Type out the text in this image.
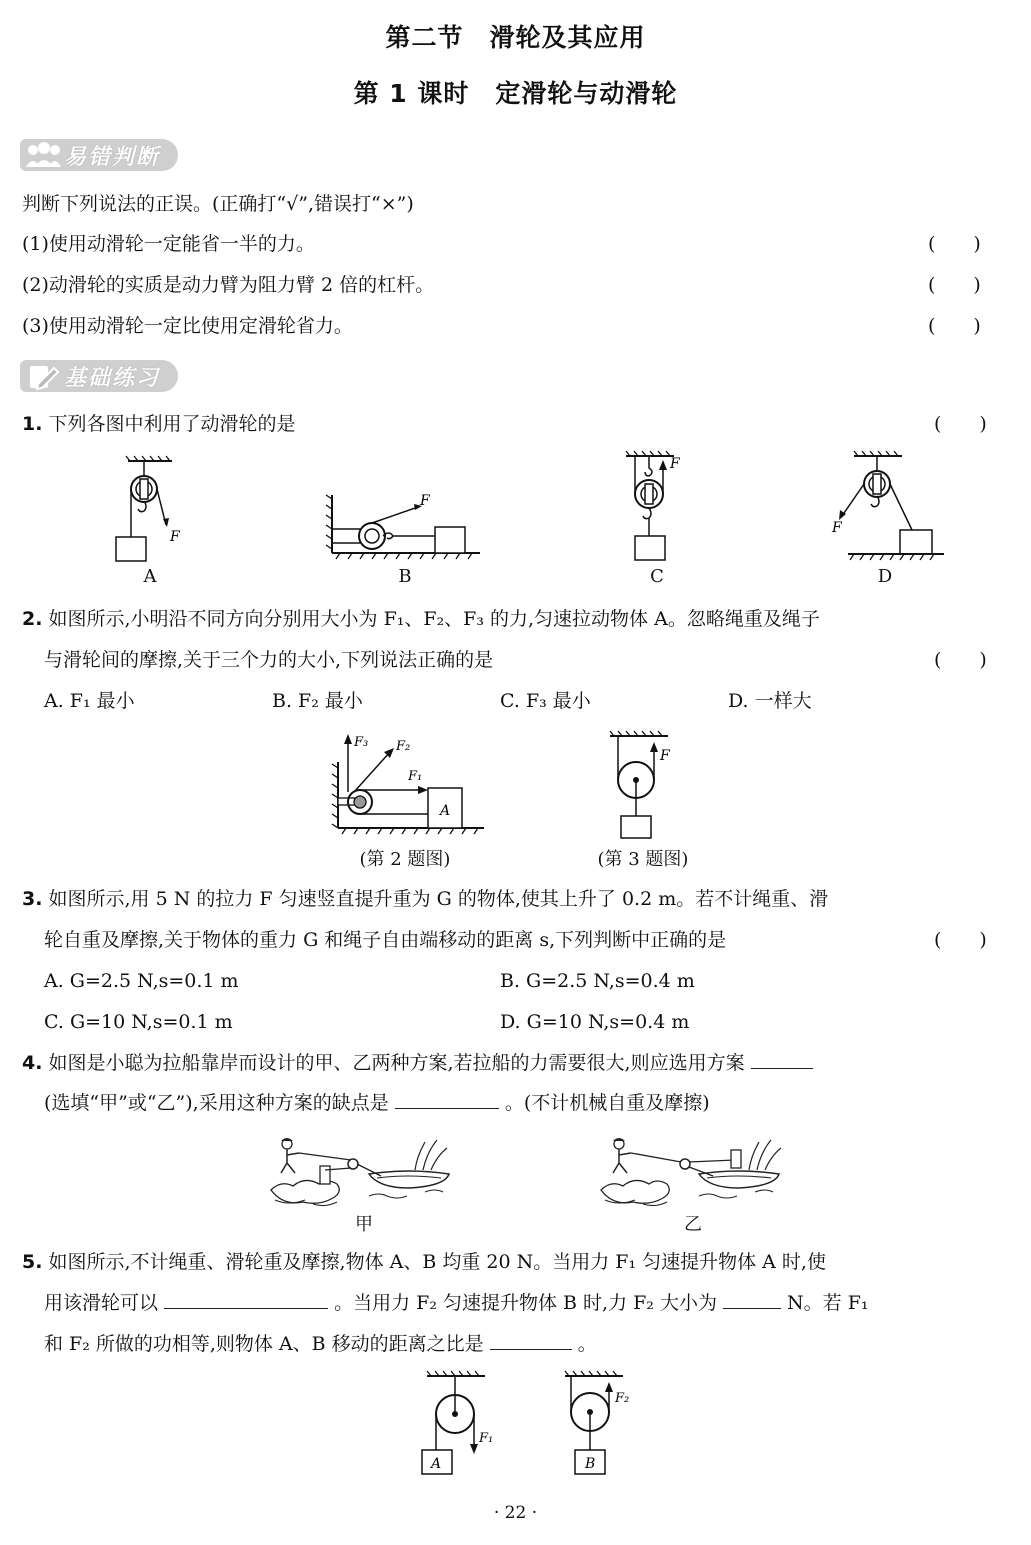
第二节　滑轮及其应用
第 1 课时　定滑轮与动滑轮
易错判断
判断下列说法的正误。(正确打“√”,错误打“×”)
(1)使用动滑轮一定能省一半的力。	(　　)
(2)动滑轮的实质是动力臂为阻力臂 2 倍的杠杆。	(　　)
(3)使用动滑轮一定比使用定滑轮省力。	(　　)
基础练习
1. 下列各图中利用了动滑轮的是	(　　)
F
A
F
B
F
C
F
D
2. 如图所示,小明沿不同方向分别用大小为 F₁、F₂、F₃ 的力,匀速拉动物体 A。忽略绳重及绳子
与滑轮间的摩擦,关于三个力的大小,下列说法正确的是	(　　)
A. F₁ 最小	B. F₂ 最小	C. F₃ 最小	D. 一样大
A
F₃ F₂
F₁
(第 2 题图)
F
(第 3 题图)
3. 如图所示,用 5 N 的拉力 F 匀速竖直提升重为 G 的物体,使其上升了 0.2 m。若不计绳重、滑
轮自重及摩擦,关于物体的重力 G 和绳子自由端移动的距离 s,下列判断中正确的是	(　　)
A. G=2.5 N,s=0.1 m	B. G=2.5 N,s=0.4 m
C. G=10 N,s=0.1 m	D. G=10 N,s=0.4 m
4. 如图是小聪为拉船靠岸而设计的甲、乙两种方案,若拉船的力需要很大,则应选用方案
(选填“甲”或“乙”),采用这种方案的缺点是	。(不计机械自重及摩擦)
甲	乙
5. 如图所示,不计绳重、滑轮重及摩擦,物体 A、B 均重 20 N。当用力 F₁ 匀速提升物体 A 时,使
用该滑轮可以	。当用力 F₂ 匀速提升物体 B 时,力 F₂ 大小为	N。若 F₁
和 F₂ 所做的功相等,则物体 A、B 移动的距离之比是	。
F₁
A
F₂
B
· 22 ·
